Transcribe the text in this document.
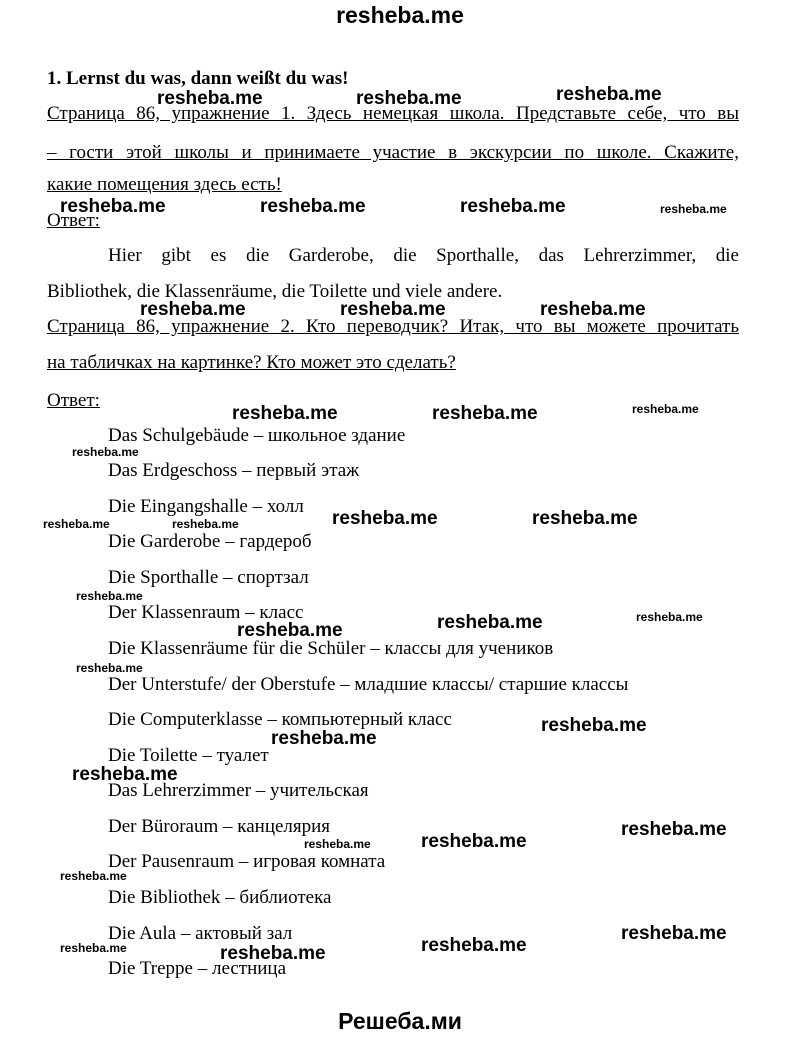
resheba.me
1. Lernst du was, dann weißt du was!
Страница 86, упражнение 1. Здесь немецкая школа. Представьте себе, что вы
– гости этой школы и принимаете участие в экскурсии по школе. Скажите,
какие помещения здесь есть!
Ответ:
Hier gibt es die Garderobe, die Sporthalle, das Lehrerzimmer, die
Bibliothek, die Klassenräume, die Toilette und viele andere.
Страница 86, упражнение 2. Кто переводчик? Итак, что вы можете прочитать
на табличках на картинке? Кто может это сделать?
Ответ:
Das Schulgebäude – школьное здание
Das Erdgeschoss – первый этаж
Die Eingangshalle – холл
Die Garderobe – гардероб
Die Sporthalle – спортзал
Der Klassenraum – класс
Die Klassenräume für die Schüler – классы для учеников
Der Unterstufe/ der Oberstufe – младшие классы/ старшие классы
Die Computerklasse – компьютерный класс
Die Toilette – туалет
Das Lehrerzimmer – учительская
Der Büroraum – канцелярия
Der Pausenraum – игровая комната
Die Bibliothek – библиотека
Die Aula – актовый зал
Die Treppe – лестница
resheba.me	resheba.me	resheba.me
resheba.me	resheba.me	resheba.me	resheba.me
resheba.me	resheba.me	resheba.me
resheba.me	resheba.me	resheba.me
resheba.me
resheba.me	resheba.me	resheba.me	resheba.me
resheba.me
resheba.me	resheba.me	resheba.me
resheba.me
resheba.me
resheba.me
resheba.me
resheba.me	resheba.me
resheba.me
resheba.me
resheba.me	resheba.me	resheba.me
resheba.me
Решеба.ми
